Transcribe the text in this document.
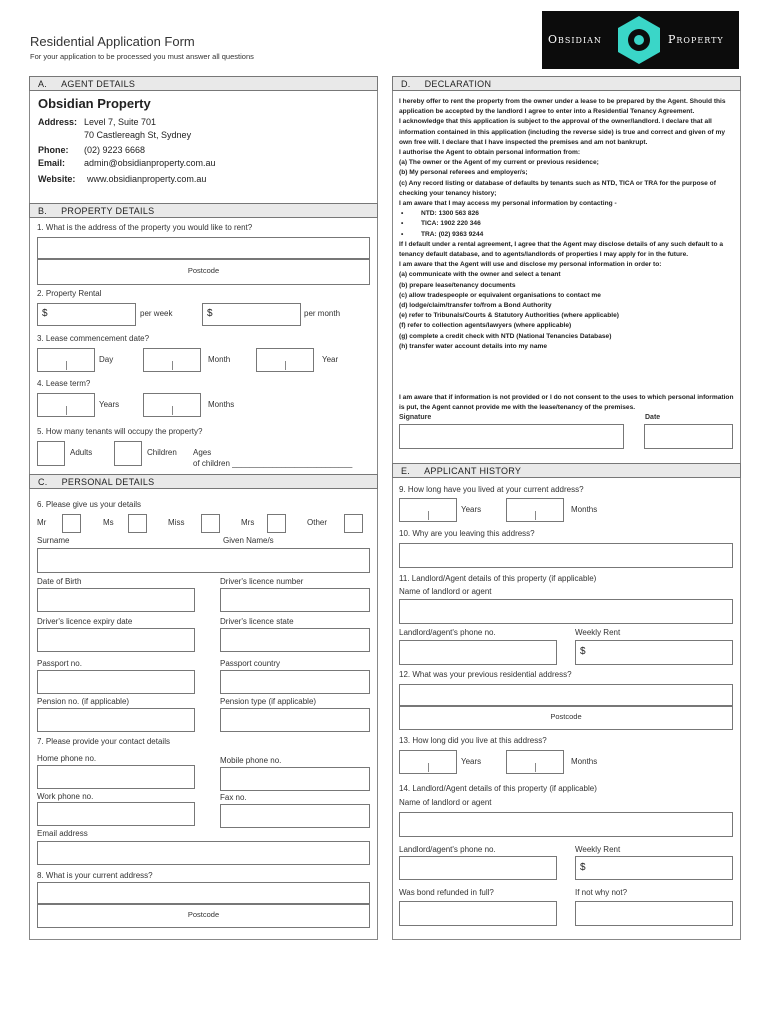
Residential Application Form
For your application to be processed you must answer all questions
Obsidian	Property
A. AGENT DETAILS
Obsidian Property
Address: Level 7, Suite 701
70 Castlereagh St, Sydney
Phone: (02) 9223 6668
Email: admin@obsidianproperty.com.au
Website: www.obsidianproperty.com.au
B. PROPERTY DETAILS
1. What is the address of the property you would like to rent?
Postcode
2. Property Rental
$	per week	$	per month
3. Lease commencement date?
Day	Month	Year
4. Lease term?
Years	Months
5. How many tenants will occupy the property?
Adults	Children Ages
of children ___________________________
C. PERSONAL DETAILS
6. Please give us your details
Mr	Ms	Miss	Mrs	Other
Surname	Given Name/s
Date of Birth	Driver's licence number
Driver's licence expiry date	Driver's licence state
Passport no.	Passport country
Pension no. (if applicable)	Pension type (if applicable)
7. Please provide your contact details
Home phone no.	Mobile phone no.
Work phone no.	Fax no.
Email address
8. What is your current address?
Postcode
D. DECLARATION

I hereby offer to rent the property from the owner under a lease to be prepared by the Agent. Should this application be accepted by the landlord I agree to enter into a Residential Tenancy Agreement.

I acknowledge that this application is subject to the approval of the owner/landlord. I declare that all information contained in this application (including the reverse side) is true and correct and given of my own free will. I declare that I have inspected the premises and am not bankrupt.

I authorise the Agent to obtain personal information from:

(a) The owner or the Agent of my current or previous residence;

(b) My personal referees and employer/s;

(c) Any record listing or database of defaults by tenants such as NTD, TICA or TRA for the purpose of checking your tenancy history;

I am aware that I may access my personal information by contacting -

• NTD: 1300 563 826
• TICA: 1902 220 346
• TRA: (02) 9363 9244

If I default under a rental agreement, I agree that the Agent may disclose details of any such default to a tenancy default database, and to agents/landlords of properties I may apply for in the future.

I am aware that the Agent will use and disclose my personal information in order to:

(a) communicate with the owner and select a tenant

(b) prepare lease/tenancy documents

(c) allow tradespeople or equivalent organisations to contact me

(d) lodge/claim/transfer to/from a Bond Authority

(e) refer to Tribunals/Courts & Statutory Authorities (where applicable)

(f) refer to collection agents/lawyers (where applicable)

(g) complete a credit check with NTD (National Tenancies Database)

(h) transfer water account details into my name

I am aware that if information is not provided or I do not consent to the uses to which personal information is put, the Agent cannot provide me with the lease/tenancy of the premises.

Signature	Date
E. APPLICANT HISTORY
9. How long have you lived at your current address?
Years	Months
10. Why are you leaving this address?
11. Landlord/Agent details of this property (if applicable)
Name of landlord or agent
Landlord/agent's phone no.	Weekly Rent
$
12. What was your previous residential address?
Postcode
13. How long did you live at this address?
Years	Months
14. Landlord/Agent details of this property (if applicable)
Name of landlord or agent
Landlord/agent's phone no.	Weekly Rent
$
Was bond refunded in full?	If not why not?
